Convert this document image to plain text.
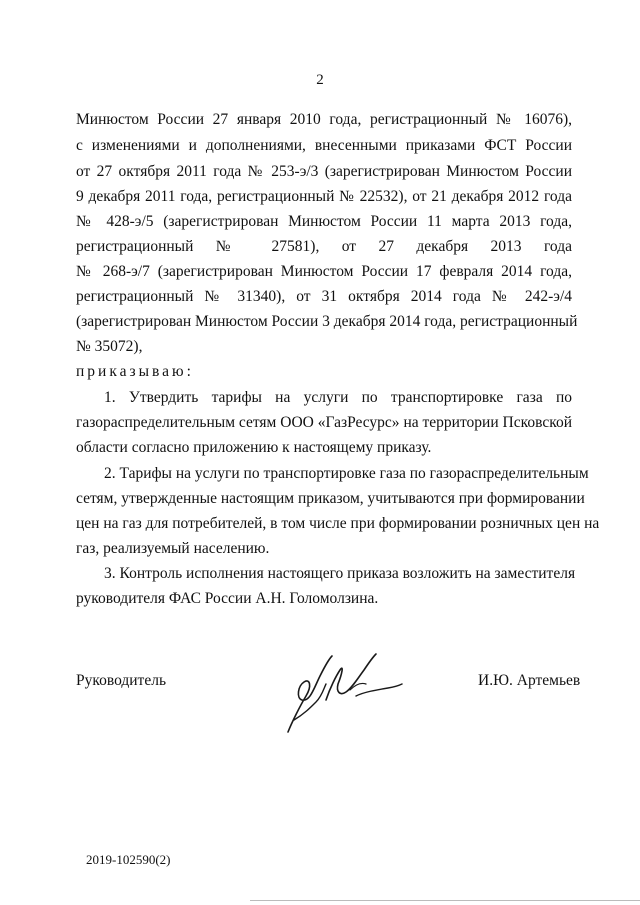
2
Минюстом России 27 января 2010 года, регистрационный № 16076),
с изменениями и дополнениями, внесенными приказами ФСТ России
от 27 октября 2011 года № 253-э/3 (зарегистрирован Минюстом России
9 декабря 2011 года, регистрационный № 22532), от 21 декабря 2012 года
№ 428-э/5 (зарегистрирован Минюстом России 11 марта 2013 года,
регистрационный № 27581), от 27 декабря 2013 года
№ 268-э/7 (зарегистрирован Минюстом России 17 февраля 2014 года,
регистрационный № 31340), от 31 октября 2014 года № 242-э/4
(зарегистрирован Минюстом России 3 декабря 2014 года, регистрационный
№ 35072),
приказываю:
1. Утвердить тарифы на услуги по транспортировке газа по
газораспределительным сетям ООО «ГазРесурс» на территории Псковской
области согласно приложению к настоящему приказу.
2. Тарифы на услуги по транспортировке газа по газораспределительным
сетям, утвержденные настоящим приказом, учитываются при формировании
цен на газ для потребителей, в том числе при формировании розничных цен на
газ, реализуемый населению.
3. Контроль исполнения настоящего приказа возложить на заместителя
руководителя ФАС России А.Н. Голомолзина.
Руководитель	И.Ю. Артемьев
2019-102590(2)
